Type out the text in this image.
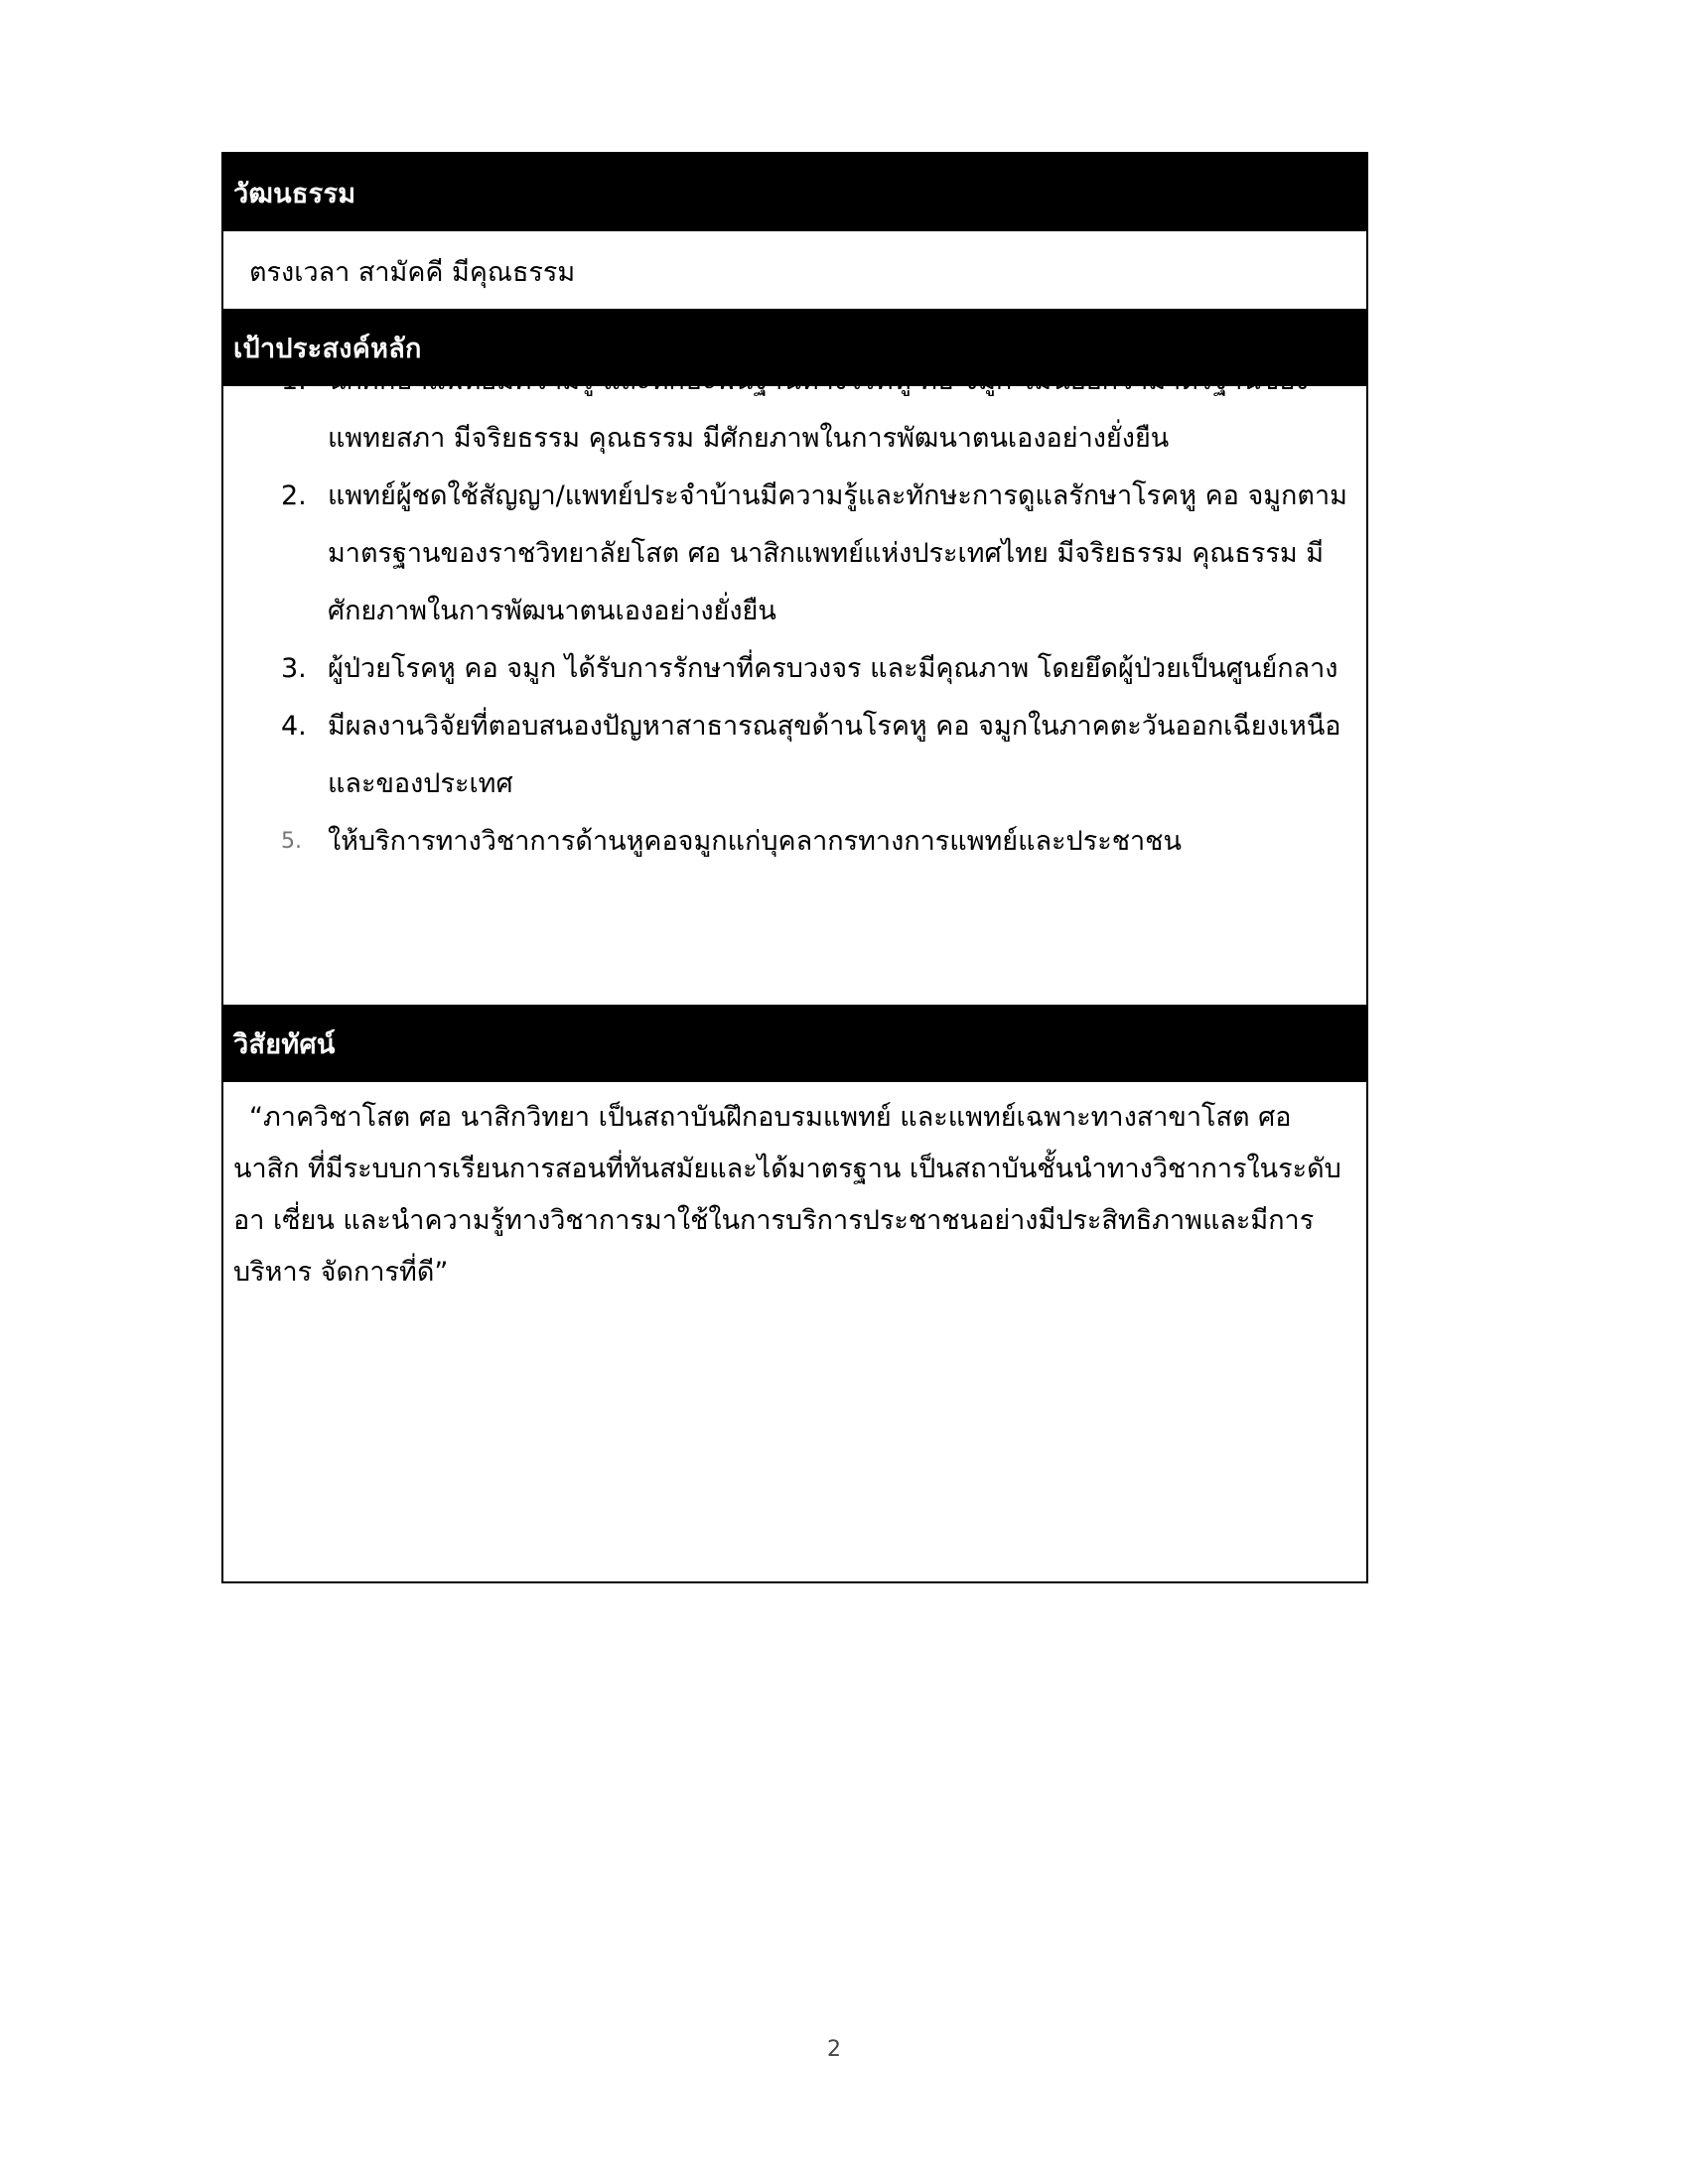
วัฒนธรรม
ตรงเวลา สามัคคี มีคุณธรรม
เป้าประสงค์หลัก
1. นักศึกษาแพทย์มีความรู้ และทักษะพื้นฐานทางโรคหู คอ จมูก ไม่น้อยกว่ามาตรฐานของแพทยสภา มีจริยธรรม คุณธรรม มีศักยภาพในการพัฒนาตนเองอย่างยั่งยืน
2. แพทย์ผู้ชดใช้สัญญา/แพทย์ประจำบ้านมีความรู้และทักษะการดูแลรักษาโรคหู คอ จมูกตามมาตรฐานของราชวิทยาลัยโสต ศอ นาสิกแพทย์แห่งประเทศไทย มีจริยธรรม คุณธรรม มีศักยภาพในการพัฒนาตนเองอย่างยั่งยืน
3. ผู้ป่วยโรคหู คอ จมูก ได้รับการรักษาที่ครบวงจร และมีคุณภาพ โดยยึดผู้ป่วยเป็นศูนย์กลาง
4. มีผลงานวิจัยที่ตอบสนองปัญหาสาธารณสุขด้านโรคหู คอ จมูกในภาคตะวันออกเฉียงเหนือและของประเทศ
5. ให้บริการทางวิชาการด้านหูคอจมูกแก่บุคลากรทางการแพทย์และประชาชน
วิสัยทัศน์

“ภาควิชาโสต ศอ นาสิกวิทยา เป็นสถาบันฝึกอบรมแพทย์ และแพทย์เฉพาะทางสาขาโสต ศอ นาสิก ที่มีระบบการเรียนการสอนที่ทันสมัยและได้มาตรฐาน เป็นสถาบันชั้นนำทางวิชาการในระดับอา เซี่ยน และนำความรู้ทางวิชาการมาใช้ในการบริการประชาชนอย่างมีประสิทธิภาพและมีการบริหาร จัดการที่ดี”

2
